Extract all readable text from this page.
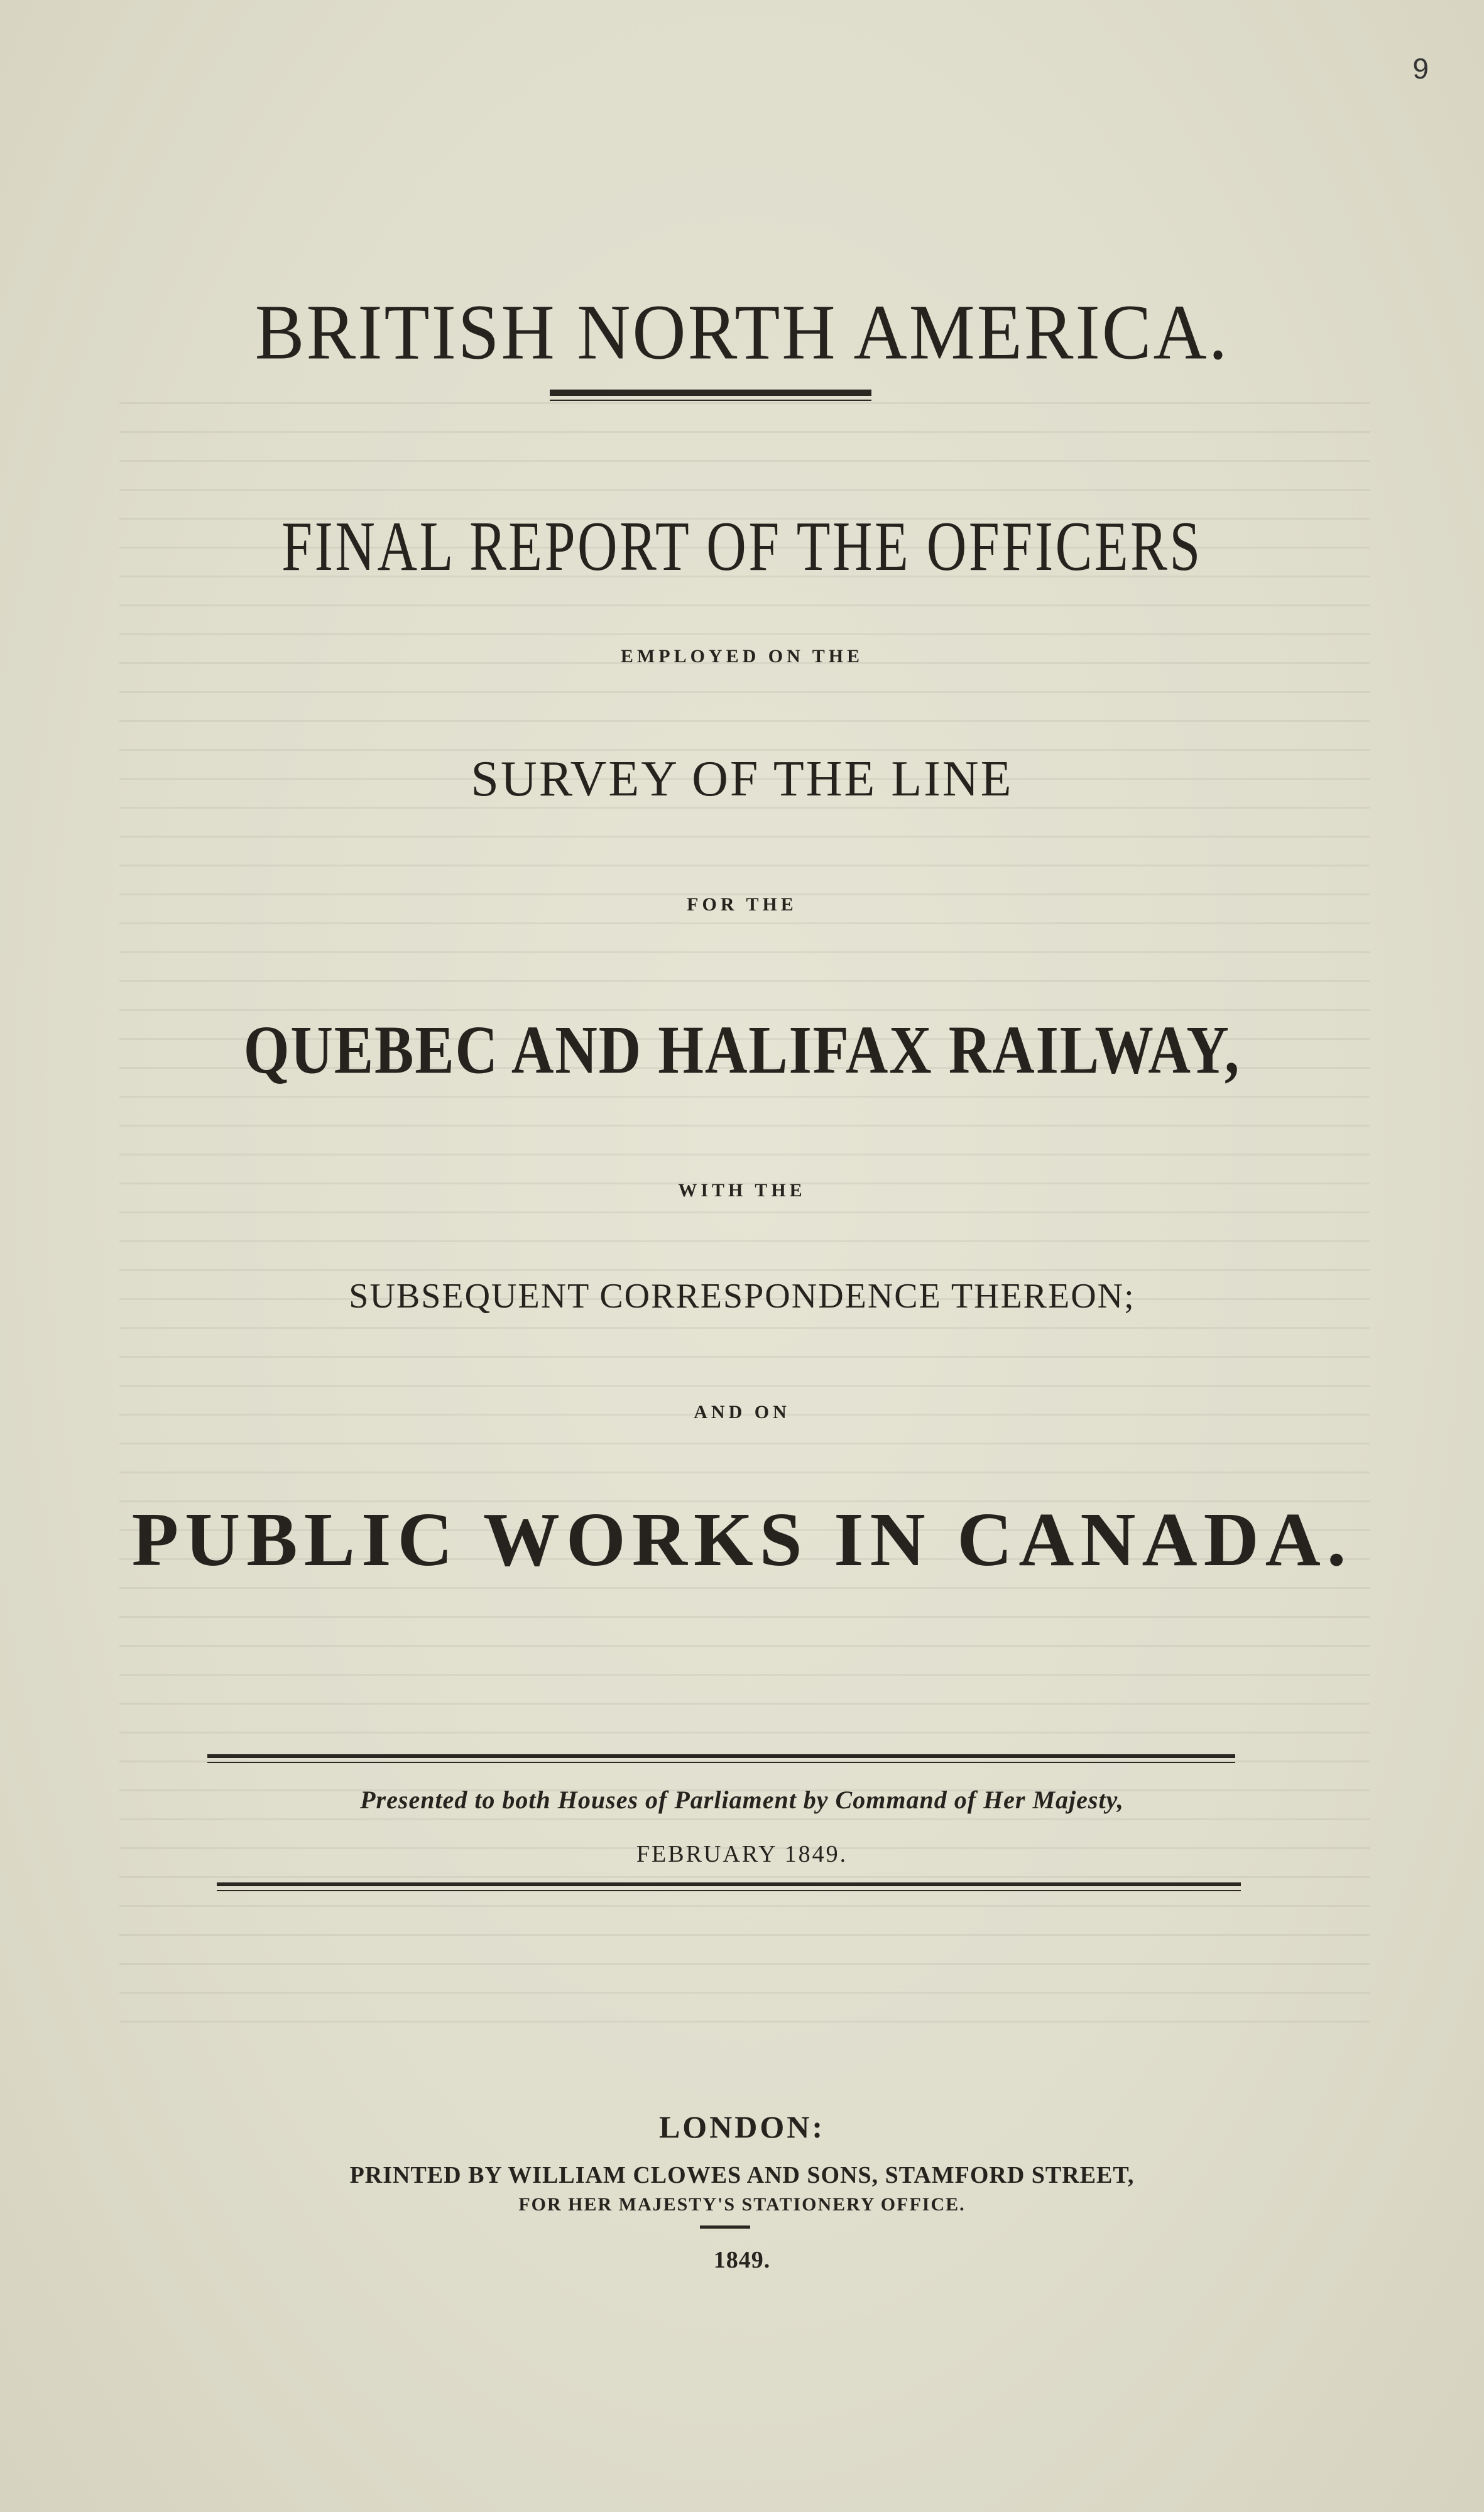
9
BRITISH NORTH AMERICA.
FINAL REPORT OF THE OFFICERS
EMPLOYED ON THE
SURVEY OF THE LINE
FOR THE
QUEBEC AND HALIFAX RAILWAY,
WITH THE
SUBSEQUENT CORRESPONDENCE THEREON;
AND ON
PUBLIC WORKS IN CANADA.
Presented to both Houses of Parliament by Command of Her Majesty,
FEBRUARY 1849.
LONDON:
PRINTED BY WILLIAM CLOWES AND SONS, STAMFORD STREET,
FOR HER MAJESTY'S STATIONERY OFFICE.
1849.
